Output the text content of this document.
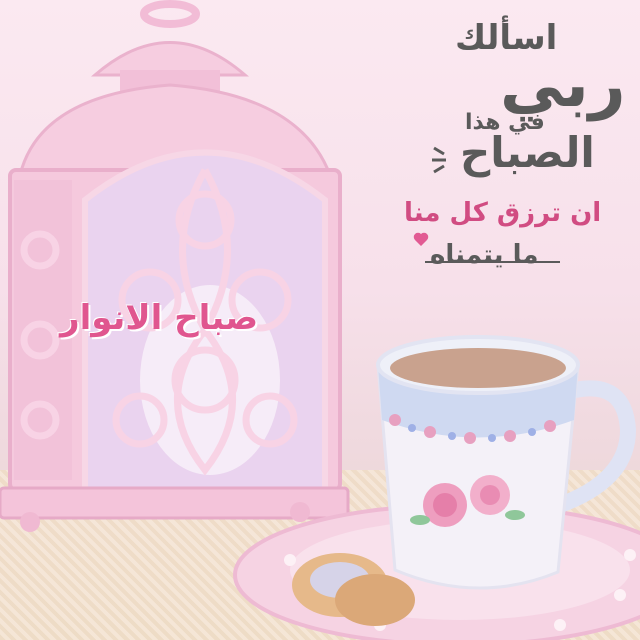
اسألك
ربي
في هذا
الصباح
ان ترزق كل منا
ما يتمناه
صباح الانوار
